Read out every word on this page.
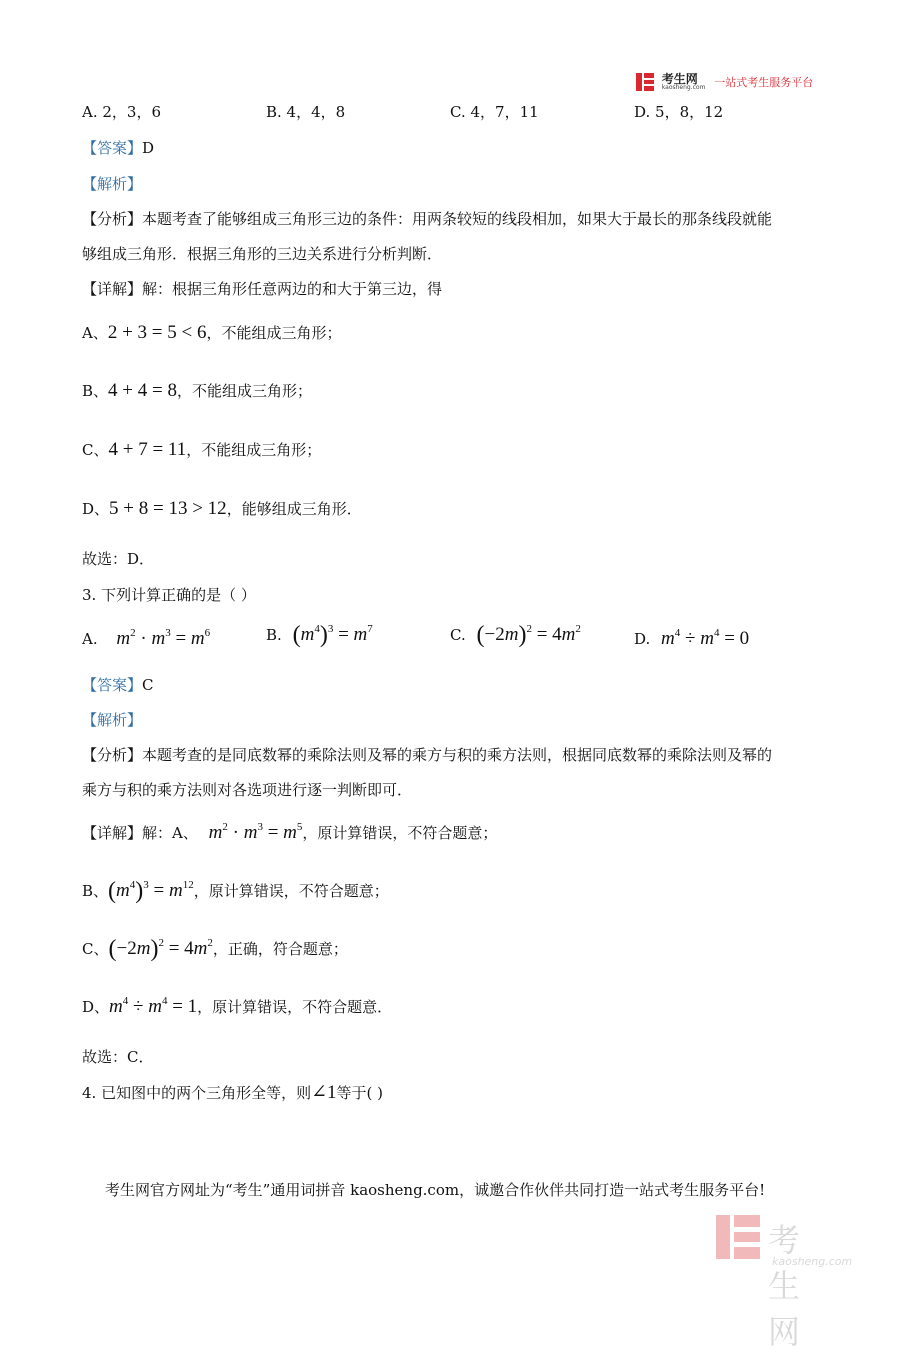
考生网
kaosheng.com 一站式考生服务平台
A. 2，3，6	B. 4，4，8	C. 4，7，11	D. 5，8，12
【答案】D
【解析】
【分析】本题考查了能够组成三角形三边的条件：用两条较短的线段相加，如果大于最长的那条线段就能
够组成三角形．根据三角形的三边关系进行分析判断．
【详解】解：根据三角形任意两边的和大于第三边，得
A、2 + 3 = 5 < 6，不能组成三角形；
B、4 + 4 = 8，不能组成三角形；
C、4 + 7 = 11，不能组成三角形；
D、5 + 8 = 13 > 12，能够组成三角形．
故选：D．
3. 下列计算正确的是（ ）
A. $m^2 \cdot m^3 = m^6$	B. $(m^4)^3 = m^7$	C. $(-2m)^2 = 4m^2$
D. $m^4 \div m^4 = 0$
【答案】C
【解析】
【分析】本题考查的是同底数幂的乘除法则及幂的乘方与积的乘方法则，根据同底数幂的乘除法则及幂的
乘方与积的乘方法则对各选项进行逐一判断即可．
【详解】解：A、 $m^2 \cdot m^3 = m^5$，原计算错误，不符合题意；
B、$(m^4)^3 = m^{12}$，原计算错误，不符合题意；
C、$(-2m)^2 = 4m^2$，正确，符合题意；
D、$m^4 \div m^4 = 1$，原计算错误，不符合题意．
故选：C．
4. 已知图中的两个三角形全等，则∠1等于( )
考生网官方网址为“考生”通用词拼音 kaosheng.com，诚邀合作伙伴共同打造一站式考生服务平台!
考生网
kaosheng.com
